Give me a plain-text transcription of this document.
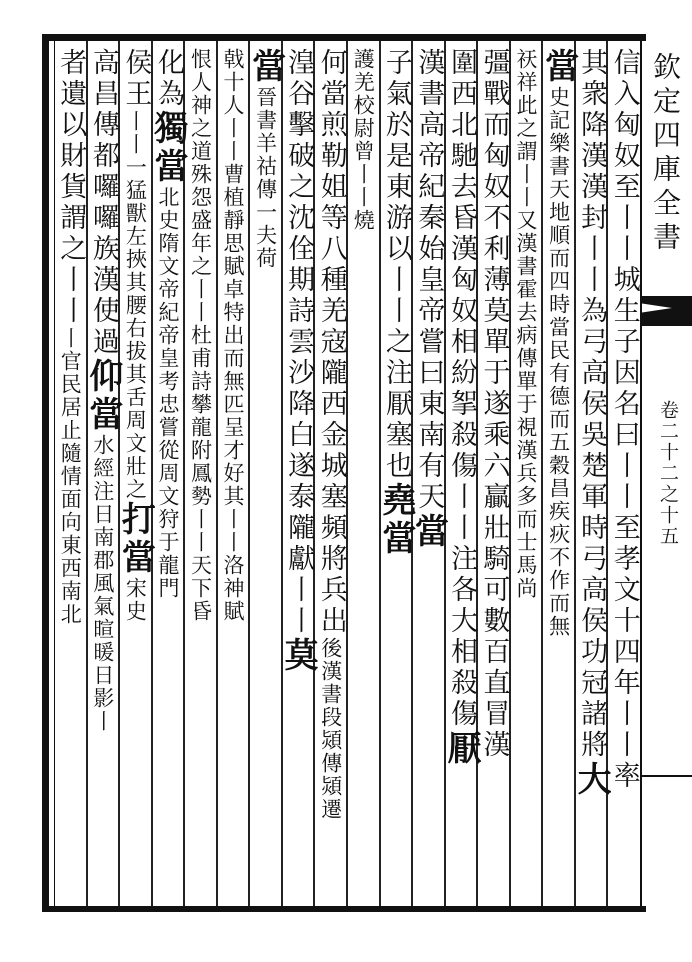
欽定四庫全書
卷二十二之十五
信入匈奴至丨丨城生子因名曰丨丨至孝文十四年丨丨率
其衆降漢漢封丨丨為弓高侯吳楚軍時弓高侯功冠諸將大
當史記樂書天地順而四時當民有德而五穀昌疾疢不作而無
祆祥此之謂丨丨又漢書霍去病傳單于視漢兵多而士馬尚
彊戰而匈奴不利薄莫單于遂乘六贏壯騎可數百直冒漢
圍西北馳去昏漢匈奴相紛挐殺傷丨丨注各大相殺傷厭
漢書高帝紀秦始皇帝嘗曰東南有天當
子氣於是東游以丨丨之注厭塞也堯當
護羌校尉曾丨丨燒
何當煎勒姐等八種羌寇隴西金城塞頻將兵出後漢書段熲傳熲遷
湟谷擊破之沈佺期詩雲沙降白遂泰隴獻丨丨莫
當晉書羊祜傳一夫荷
戟十人丨丨曹植靜思賦卓特出而無匹呈才好其丨丨洛神賦
恨人神之道殊怨盛年之丨丨杜甫詩攀龍附鳳勢丨丨天下昏
化為獨當北史隋文帝紀帝皇考忠嘗從周文狩于龍門
侯王丨丨一猛獸左挾其腰右拔其舌周文壯之打當宋史
高昌傳都囉囉族漢使過仰當水經注日南郡風氣暄暖日影丨
者遺以財貨謂之丨丨丨官民居止隨情面向東西南北
